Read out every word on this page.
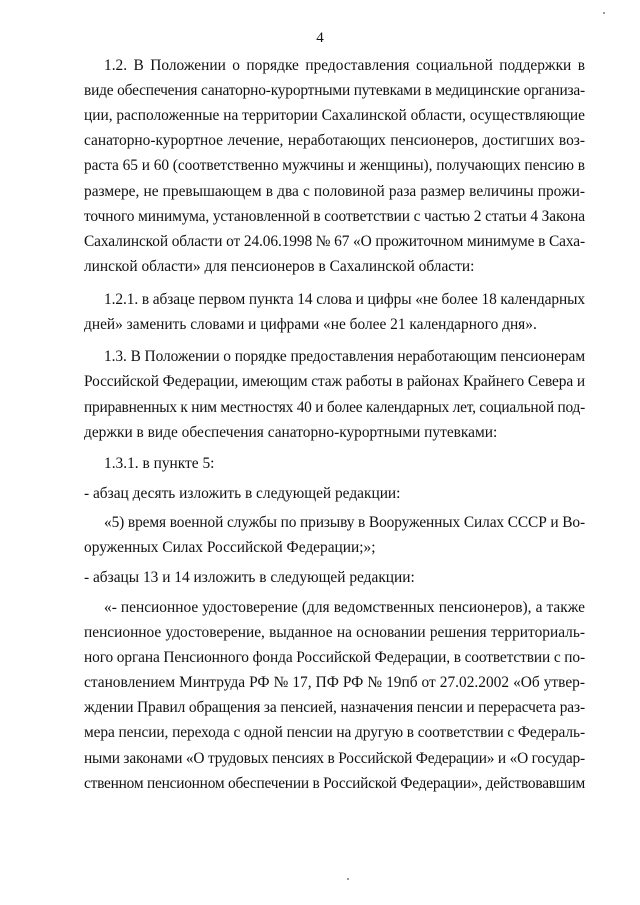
4
1.2. В Положении о порядке предоставления социальной поддержки в
виде обеспечения санаторно-курортными путевками в медицинские организа-
ции, расположенные на территории Сахалинской области, осуществляющие
санаторно-курортное лечение, неработающих пенсионеров, достигших воз-
раста 65 и 60 (соответственно мужчины и женщины), получающих пенсию в
размере, не превышающем в два с половиной раза размер величины прожи-
точного минимума, установленной в соответствии с частью 2 статьи 4 Закона
Сахалинской области от 24.06.1998 № 67 «О прожиточном минимуме в Саха-
линской области» для пенсионеров в Сахалинской области:
1.2.1. в абзаце первом пункта 14 слова и цифры «не более 18 календарных
дней» заменить словами и цифрами «не более 21 календарного дня».
1.3. В Положении о порядке предоставления неработающим пенсионерам
Российской Федерации, имеющим стаж работы в районах Крайнего Севера и
приравненных к ним местностях 40 и более календарных лет, социальной под-
держки в виде обеспечения санаторно-курортными путевками:
1.3.1. в пункте 5:
- абзац десять изложить в следующей редакции:
«5) время военной службы по призыву в Вооруженных Силах СССР и Во-
оруженных Силах Российской Федерации;»;
- абзацы 13 и 14 изложить в следующей редакции:
«- пенсионное удостоверение (для ведомственных пенсионеров), а также
пенсионное удостоверение, выданное на основании решения территориаль-
ного органа Пенсионного фонда Российской Федерации, в соответствии с по-
становлением Минтруда РФ № 17, ПФ РФ № 19пб от 27.02.2002 «Об утвер-
ждении Правил обращения за пенсией, назначения пенсии и перерасчета раз-
мера пенсии, перехода с одной пенсии на другую в соответствии с Федераль-
ными законами «О трудовых пенсиях в Российской Федерации» и «О государ-
ственном пенсионном обеспечении в Российской Федерации», действовавшим
